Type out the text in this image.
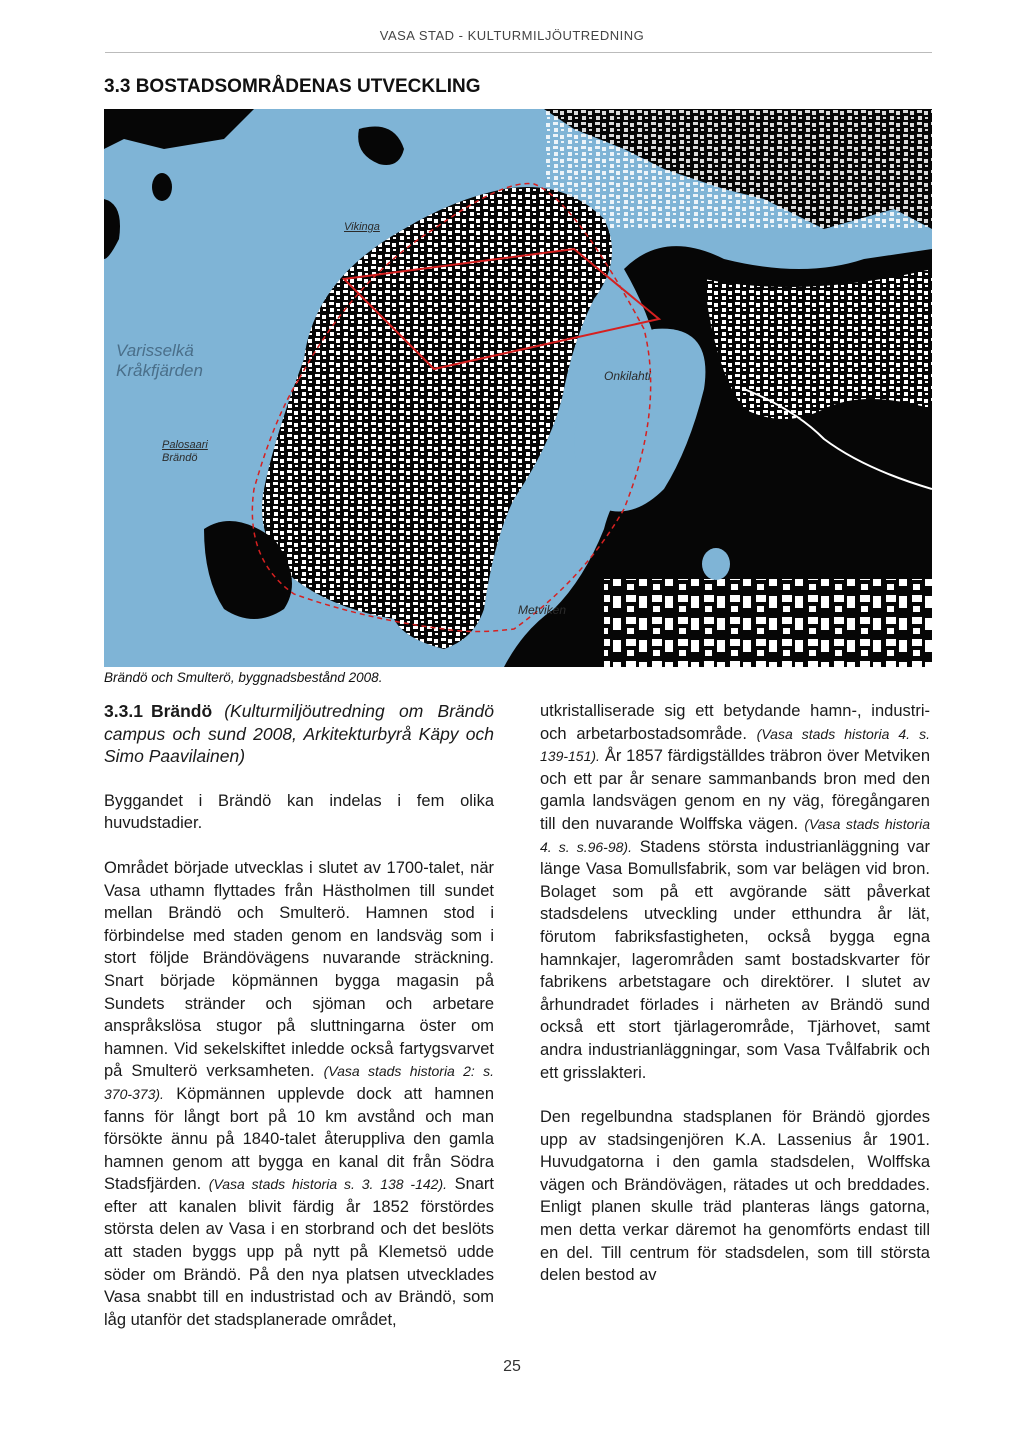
VASA STAD - KULTURMILJÖUTREDNING
3.3 BOSTADSOMRÅDENAS UTVECKLING
Vikinga
Varisselkä
Kråkfjärden
Palosaari
Brändö
Onkilahti
Metviken
Brändö och Smulterö, byggnadsbestånd 2008.
3.3.1 Brändö (Kulturmiljöutredning om Brändö campus och sund 2008, Arkitekturbyrå Käpy och Simo Paavilainen)

Byggandet i Brändö kan indelas i fem olika huvudstadier.

Området började utvecklas i slutet av 1700-talet, när Vasa uthamn flyttades från Hästholmen till sundet mellan Brändö och Smulterö. Hamnen stod i förbindelse med staden genom en landsväg som i stort följde Brändövägens nuvarande sträckning. Snart började köpmännen bygga magasin på Sundets stränder och sjöman och arbetare anspråkslösa stugor på sluttningarna öster om hamnen. Vid sekelskiftet inledde också fartygsvarvet på Smulterö verksamheten. (Vasa stads historia 2: s. 370-373). Köpmännen upplevde dock att hamnen fanns för långt bort på 10 km avstånd och man försökte ännu på 1840-talet återuppliva den gamla hamnen genom att bygga en kanal dit från Södra Stadsfjärden. (Vasa stads historia s. 3. 138 -142). Snart efter att kanalen blivit färdig år 1852 förstördes största delen av Vasa i en storbrand och det beslöts att staden byggs upp på nytt på Klemetsö udde söder om Brändö. På den nya platsen utvecklades Vasa snabbt till en industristad och av Brändö, som låg utanför det stadsplanerade området,

utkristalliserade sig ett betydande hamn-, industri- och arbetarbostadsområde. (Vasa stads historia 4. s. 139-151). År 1857 färdigställdes träbron över Metviken och ett par år senare sammanbands bron med den gamla landsvägen genom en ny väg, föregångaren till den nuvarande Wolffska vägen. (Vasa stads historia 4. s. s.96-98). Stadens största industrianläggning var länge Vasa Bomullsfabrik, som var belägen vid bron. Bolaget som på ett avgörande sätt påverkat stadsdelens utveckling under etthundra år lät, förutom fabriksfastigheten, också bygga egna hamnkajer, lagerområden samt bostadskvarter för fabrikens arbetstagare och direktörer. I slutet av århundradet förlades i närheten av Brändö sund också ett stort tjärlagerområde, Tjärhovet, samt andra industrianläggningar, som Vasa Tvålfabrik och ett grisslakteri.

Den regelbundna stadsplanen för Brändö gjordes upp av stadsingenjören K.A. Lassenius år 1901. Huvudgatorna i den gamla stadsdelen, Wolffska vägen och Brändövägen, rätades ut och breddades. Enligt planen skulle träd planteras längs gatorna, men detta verkar däremot ha genomförts endast till en del. Till centrum för stadsdelen, som till största delen bestod av

25
